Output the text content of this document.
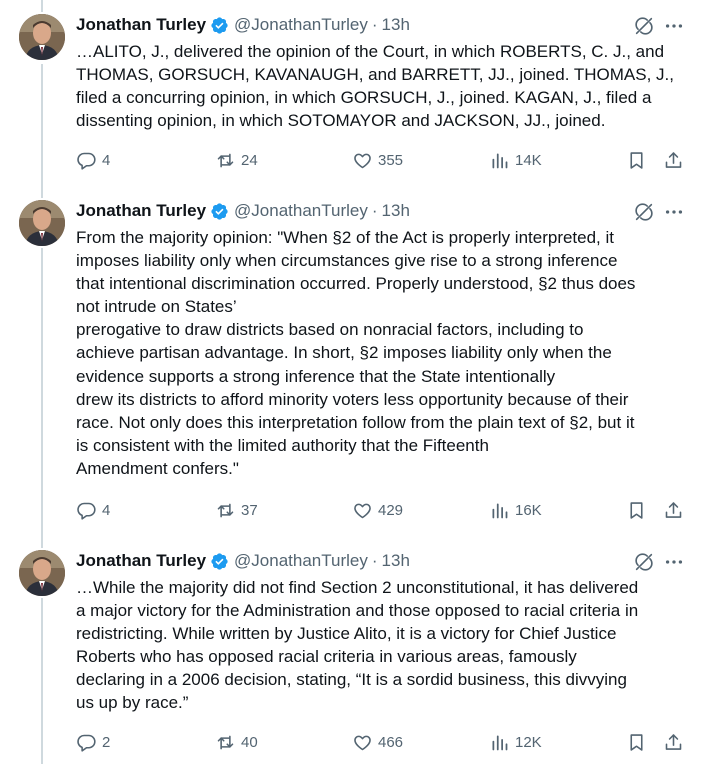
Jonathan Turley @JonathanTurley · 13h
…ALITO, J., delivered the opinion of the Court, in which ROBERTS, C. J., and
THOMAS, GORSUCH, KAVANAUGH, and BARRETT, JJ., joined. THOMAS, J.,
filed a concurring opinion, in which GORSUCH, J., joined. KAGAN, J., filed a
dissenting opinion, in which SOTOMAYOR and JACKSON, JJ., joined.
4	24	355	14K
Jonathan Turley @JonathanTurley · 13h
From the majority opinion: "When §2 of the Act is properly interpreted, it
imposes liability only when circumstances give rise to a strong inference
that intentional discrimination occurred. Properly understood, §2 thus does
not intrude on States’
prerogative to draw districts based on nonracial factors, including to
achieve partisan advantage. In short, §2 imposes liability only when the
evidence supports a strong inference that the State intentionally
drew its districts to afford minority voters less opportunity because of their
race. Not only does this interpretation follow from the plain text of §2, but it
is consistent with the limited authority that the Fifteenth
Amendment confers."
4	37	429	16K
Jonathan Turley @JonathanTurley · 13h
…While the majority did not find Section 2 unconstitutional, it has delivered
a major victory for the Administration and those opposed to racial criteria in
redistricting. While written by Justice Alito, it is a victory for Chief Justice
Roberts who has opposed racial criteria in various areas, famously
declaring in a 2006 decision, stating, “It is a sordid business, this divvying
us up by race.”
2	40	466	12K
